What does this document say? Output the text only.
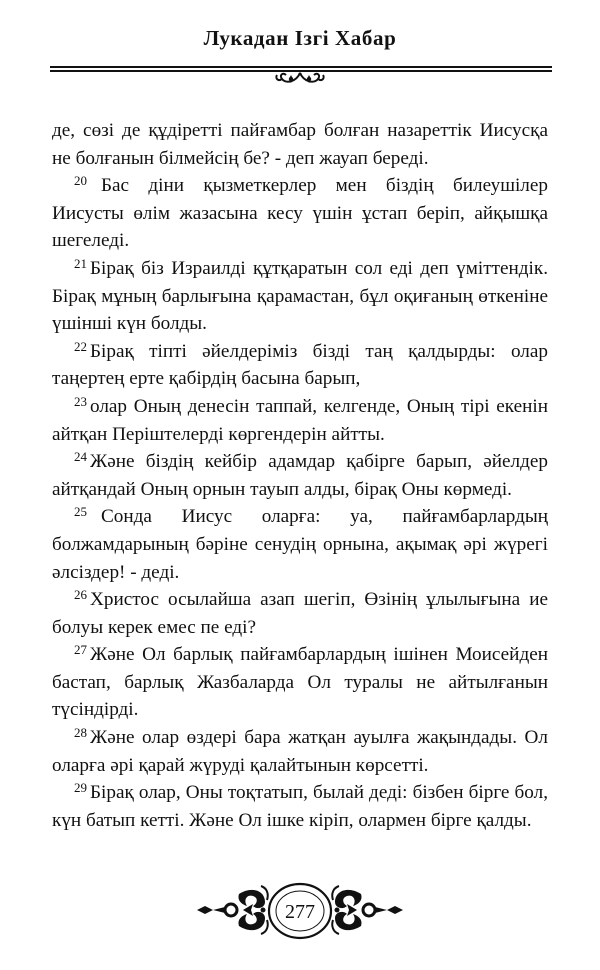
Лукадан Ізгі Хабар

де, сөзі де құдіретті пайғамбар болған назареттік Иисусқа не болғанын білмейсің бе? - деп жауап береді.

$^{20}$ Бас діни қызметкерлер мен біздің билеушілер Иисусты өлім жазасына кесу үшін ұстап беріп, айқышқа шегеледі.

$^{21}$ Бірақ біз Израилді құтқаратын сол еді деп үміттендік. Бірақ мұның барлығына қарамастан, бұл оқиғаның өткеніне үшінші күн болды.

$^{22}$ Бірақ тіпті әйелдеріміз бізді таң қалдырды: олар таңертең ерте қабірдің басына барып,

$^{23}$ олар Оның денесін таппай, келгенде, Оның тірі екенін айтқан Періштелерді көргендерін айтты.

$^{24}$ Және біздің кейбір адамдар қабірге барып, әйелдер айтқандай Оның орнын тауып алды, бірақ Оны көрмеді.

$^{25}$ Сонда Иисус оларға: уа, пайғамбарлардың болжамдарының бәріне сенудің орнына, ақымақ әрі жүрегі әлсіздер! - деді.

$^{26}$ Христос осылайша азап шегіп, Өзінің ұлылығына ие болуы керек емес пе еді?

$^{27}$ Және Ол барлық пайғамбарлардың ішінен Моисейден бастап, барлық Жазбаларда Ол туралы не айтылғанын түсіндірді.

$^{28}$ Және олар өздері бара жатқан ауылға жақындады. Ол оларға әрі қарай жүруді қалайтынын көрсетті.

$^{29}$ Бірақ олар, Оны тоқтатып, былай деді: бізбен бірге бол, күн батып кетті. Және Ол ішке кіріп, олармен бірге қалды.

277
